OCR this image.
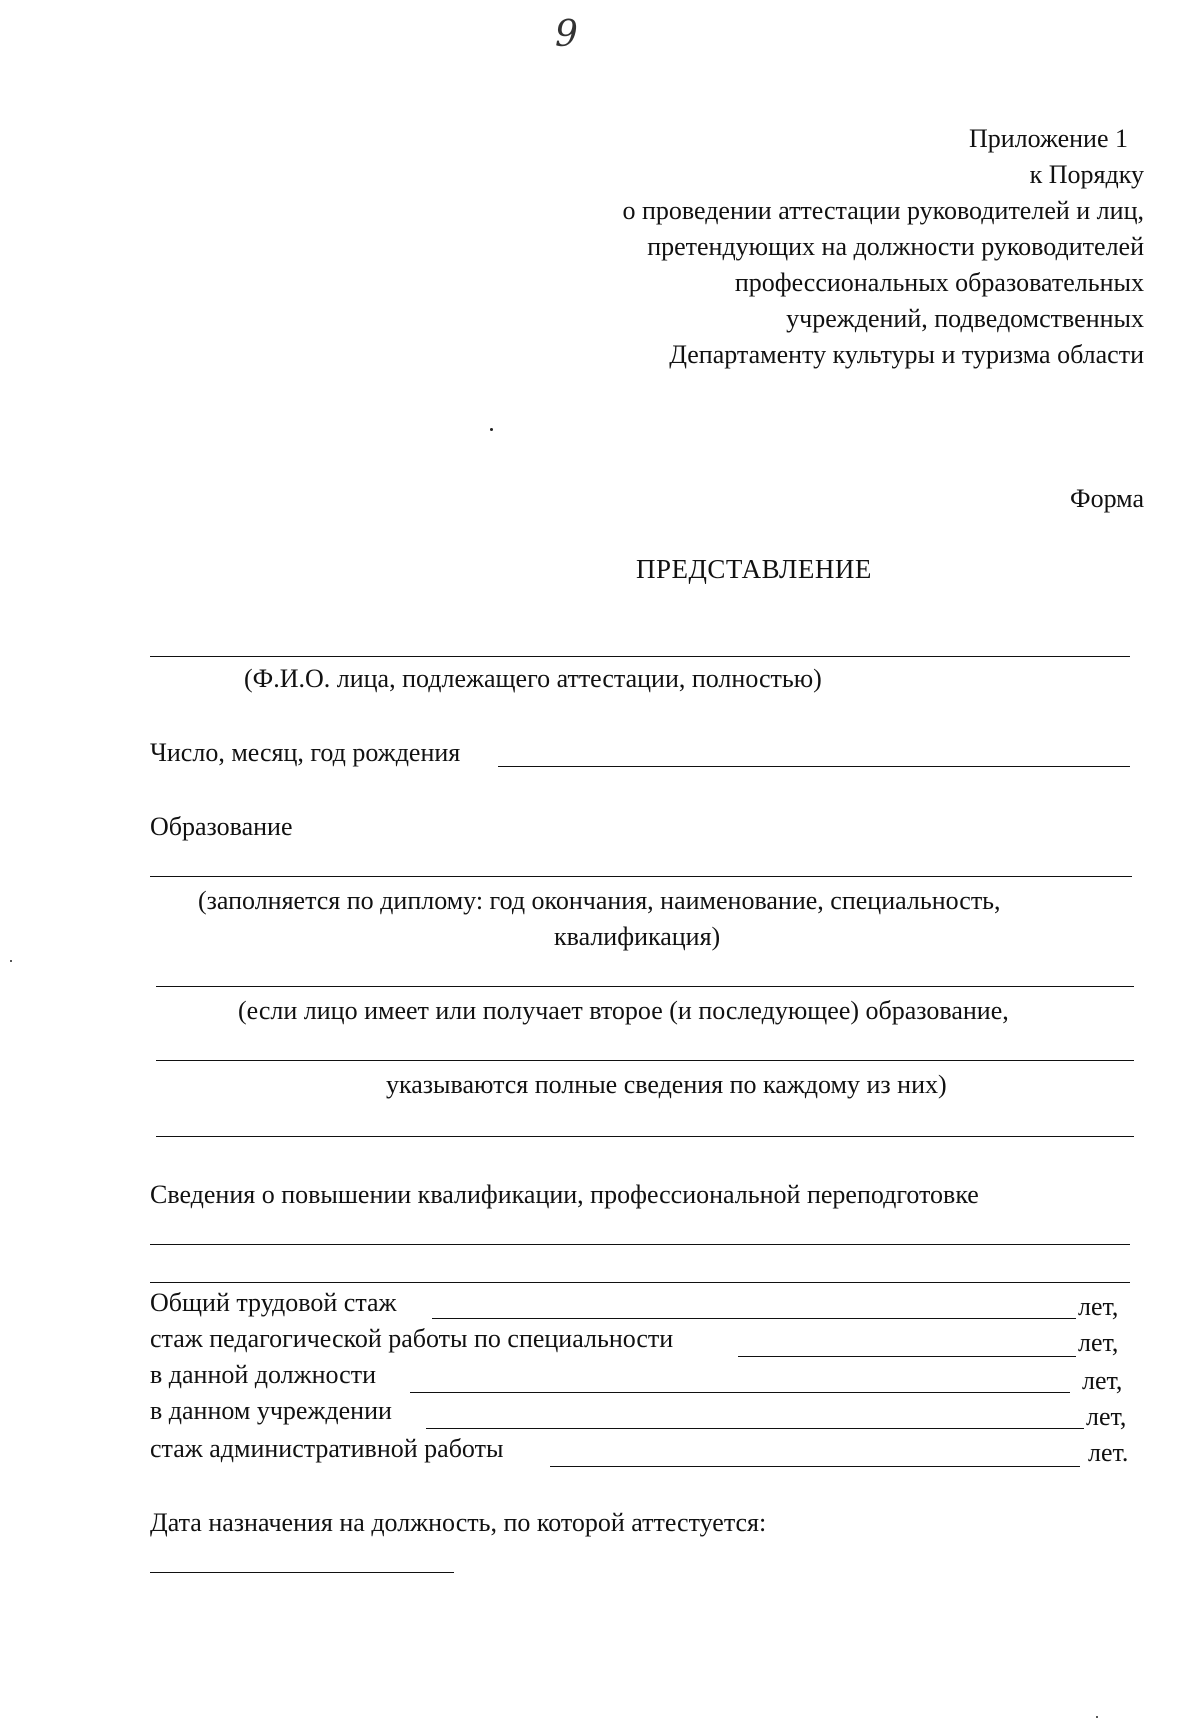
9
Приложение 1
к Порядку
о проведении аттестации руководителей и лиц,
претендующих на должности руководителей
профессиональных образовательных
учреждений, подведомственных
Департаменту культуры и туризма области
Форма
ПРЕДСТАВЛЕНИЕ
(Ф.И.О. лица, подлежащего аттестации, полностью)
Число, месяц, год рождения
Образование
(заполняется по диплому: год окончания, наименование, специальность,
квалификация)
(если лицо имеет или получает второе (и последующее) образование,
указываются полные сведения по каждому из них)
Сведения о повышении квалификации, профессиональной переподготовке
Общий трудовой стаж	лет,
стаж педагогической работы по специальности	лет,
в данной должности	лет,
в данном учреждении	лет,
стаж административной работы	лет.
Дата назначения на должность, по которой аттестуется:
